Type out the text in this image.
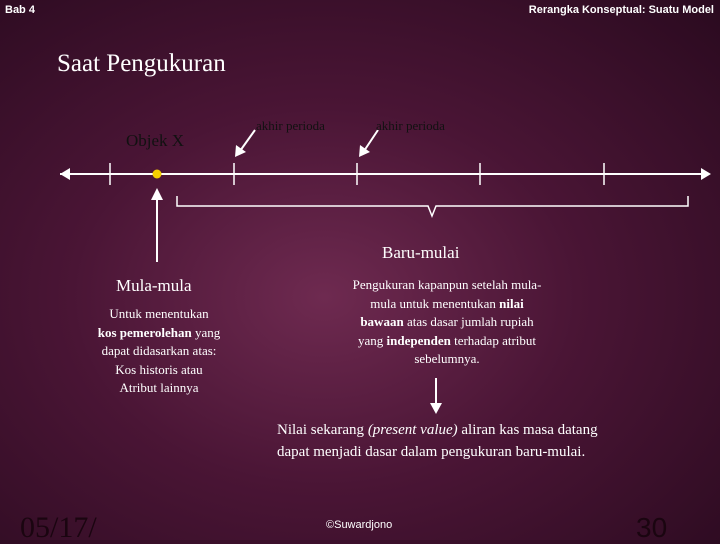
Bab 4	Rerangka Konseptual: Suatu Model
Saat Pengukuran
Objek X
akhir perioda	akhir perioda
Baru-mulai
Mula-mula
Untuk menentukan
kos pemerolehan yang
dapat didasarkan atas:
Kos historis atau
Atribut lainnya
Pengukuran kapanpun setelah mula-
mula untuk menentukan nilai
bawaan atas dasar jumlah rupiah
yang independen terhadap atribut
sebelumnya.
Nilai sekarang (present value) aliran kas masa datang
dapat menjadi dasar dalam pengukuran baru-mulai.
05/17/	©Suwardjono	30
